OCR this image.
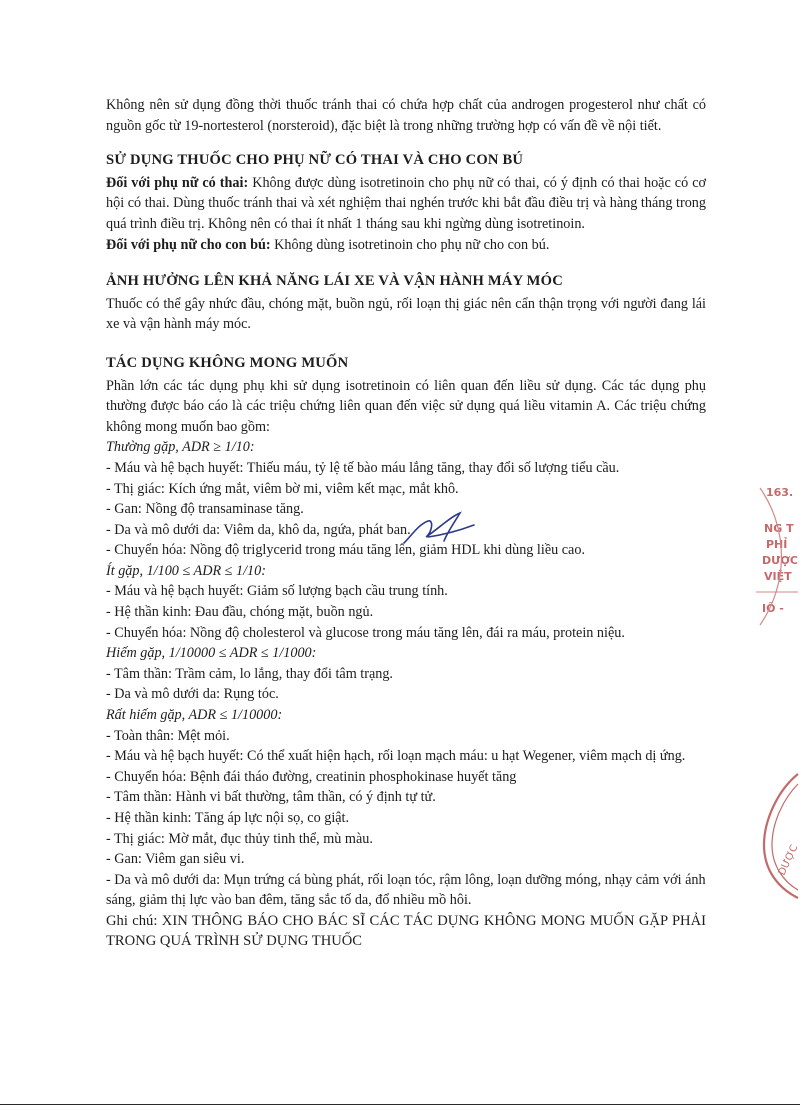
Không nên sử dụng đồng thời thuốc tránh thai có chứa hợp chất của androgen progesterol như chất có nguồn gốc từ 19-nortesterol (norsteroid), đặc biệt là trong những trường hợp có vấn đề về nội tiết.

SỬ DỤNG THUỐC CHO PHỤ NỮ CÓ THAI VÀ CHO CON BÚ

Đối với phụ nữ có thai: Không được dùng isotretinoin cho phụ nữ có thai, có ý định có thai hoặc có cơ hội có thai. Dùng thuốc tránh thai và xét nghiệm thai nghén trước khi bắt đầu điều trị và hàng tháng trong quá trình điều trị. Không nên có thai ít nhất 1 tháng sau khi ngừng dùng isotretinoin.

Đối với phụ nữ cho con bú: Không dùng isotretinoin cho phụ nữ cho con bú.

ẢNH HƯỞNG LÊN KHẢ NĂNG LÁI XE VÀ VẬN HÀNH MÁY MÓC

Thuốc có thể gây nhức đầu, chóng mặt, buồn ngủ, rối loạn thị giác nên cẩn thận trọng với người đang lái xe và vận hành máy móc.

TÁC DỤNG KHÔNG MONG MUỐN

Phần lớn các tác dụng phụ khi sử dụng isotretinoin có liên quan đến liều sử dụng. Các tác dụng phụ thường được báo cáo là các triệu chứng liên quan đến việc sử dụng quá liều vitamin A. Các triệu chứng không mong muốn bao gồm:

Thường gặp, ADR ≥ 1/10:

- Máu và hệ bạch huyết: Thiếu máu, tỷ lệ tế bào máu lắng tăng, thay đổi số lượng tiểu cầu.

- Thị giác: Kích ứng mắt, viêm bờ mi, viêm kết mạc, mắt khô.

- Gan: Nồng độ transaminase tăng.

- Da và mô dưới da: Viêm da, khô da, ngứa, phát ban.

- Chuyển hóa: Nồng độ triglycerid trong máu tăng lên, giảm HDL khi dùng liều cao.

Ít gặp, 1/100 ≤ ADR ≤ 1/10:

- Máu và hệ bạch huyết: Giảm số lượng bạch cầu trung tính.

- Hệ thần kinh: Đau đầu, chóng mặt, buồn ngủ.

- Chuyển hóa: Nồng độ cholesterol và glucose trong máu tăng lên, đái ra máu, protein niệu.

Hiếm gặp, 1/10000 ≤ ADR ≤ 1/1000:

- Tâm thần: Trầm cảm, lo lắng, thay đổi tâm trạng.

- Da và mô dưới da: Rụng tóc.

Rất hiếm gặp, ADR ≤ 1/10000:

- Toàn thân: Mệt mỏi.

- Máu và hệ bạch huyết: Có thể xuất hiện hạch, rối loạn mạch máu: u hạt Wegener, viêm mạch dị ứng.

- Chuyển hóa: Bệnh đái tháo đường, creatinin phosphokinase huyết tăng

- Tâm thần: Hành vi bất thường, tâm thần, có ý định tự tử.

- Hệ thần kinh: Tăng áp lực nội sọ, co giật.

- Thị giác: Mờ mắt, đục thủy tinh thể, mù màu.

- Gan: Viêm gan siêu vi.

- Da và mô dưới da: Mụn trứng cá bùng phát, rối loạn tóc, rậm lông, loạn dưỡng móng, nhạy cảm với ánh sáng, giảm thị lực vào ban đêm, tăng sắc tố da, đổ nhiều mồ hôi.

Ghi chú: XIN THÔNG BÁO CHO BÁC SĨ CÁC TÁC DỤNG KHÔNG MONG MUỐN GẶP PHẢI TRONG QUÁ TRÌNH SỬ DỤNG THUỐC

163.
NG T
PHỈ
DƯỢC
VIỆT
IÔ -
DƯỢC
